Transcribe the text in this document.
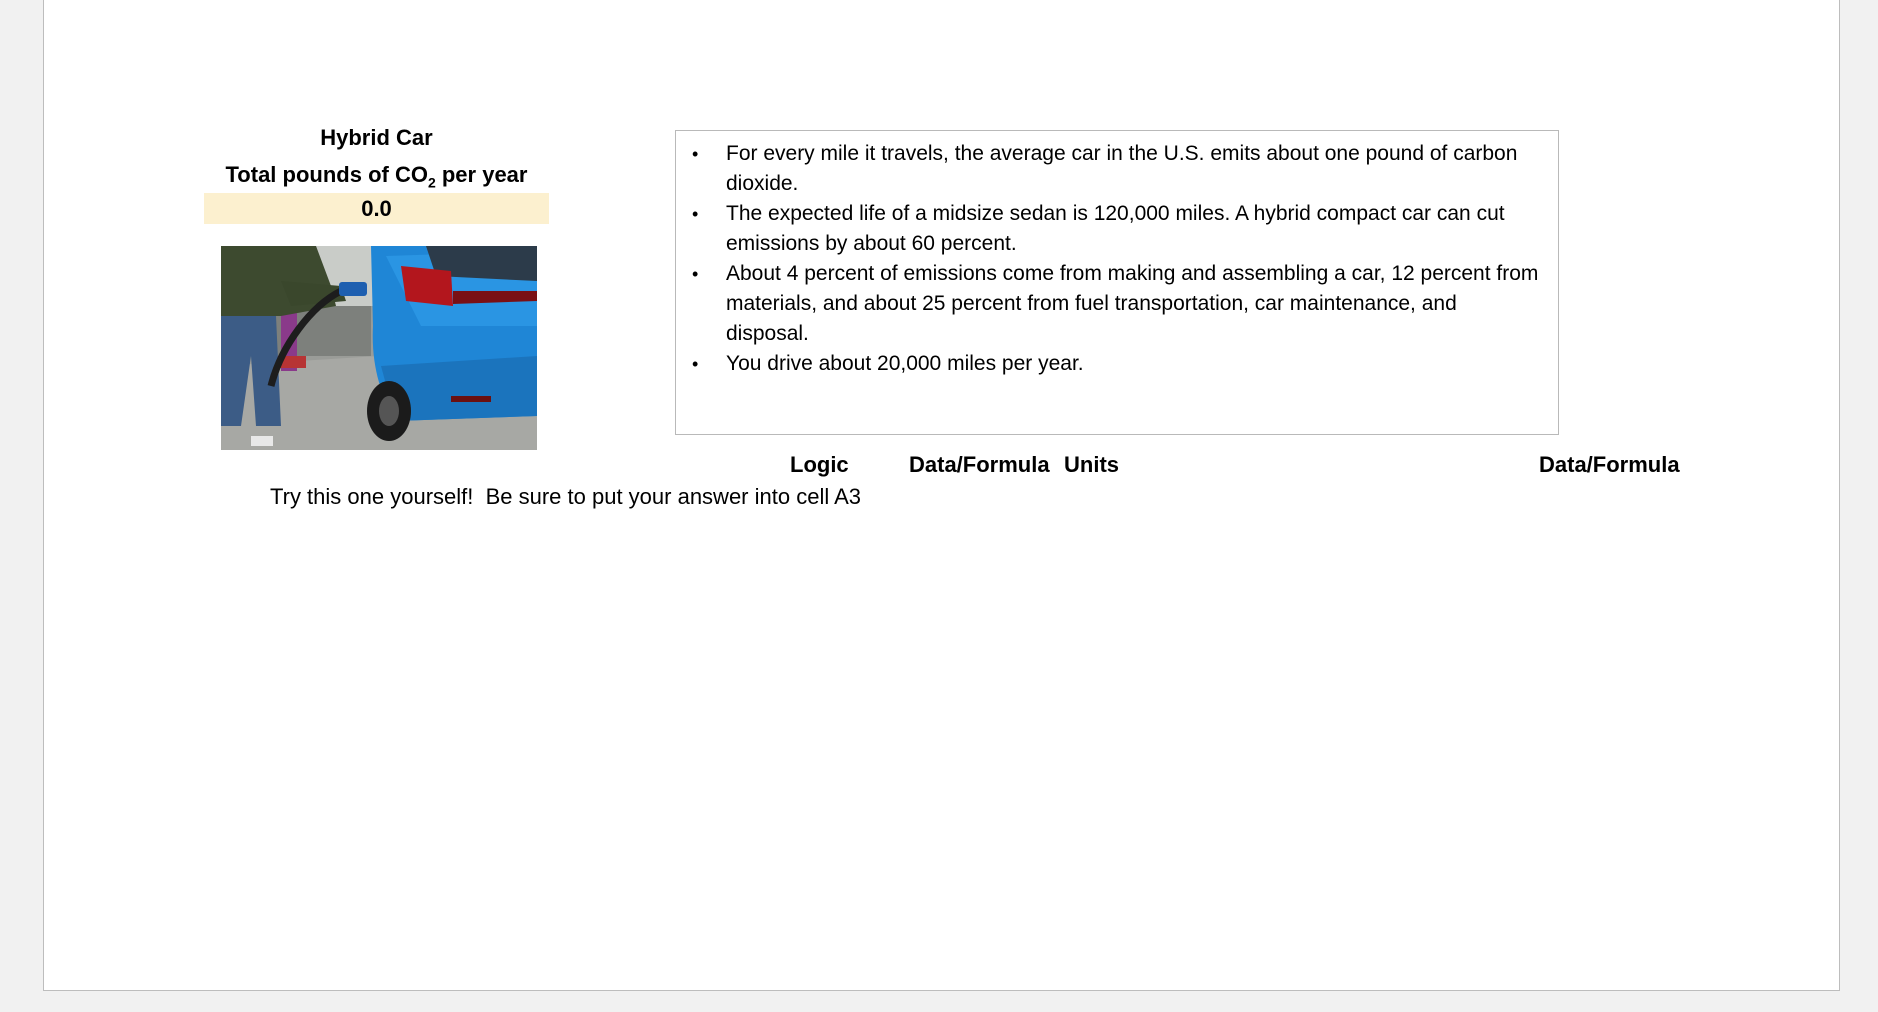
Hybrid Car
Total pounds of $CO_2$ per year
0.0
•	For every mile it travels, the average car in the U.S. emits about one pound of carbon dioxide.
•	The expected life of a midsize sedan is 120,000 miles. A hybrid compact car can cut emissions by about 60 percent.
•	About 4 percent of emissions come from making and assembling a car, 12 percent from materials, and about 25 percent from fuel transportation, car maintenance, and disposal.
•	You drive about 20,000 miles per year.
Logic	Data/Formula Units	Data/Formula
Try this one yourself!  Be sure to put your answer into cell A3
